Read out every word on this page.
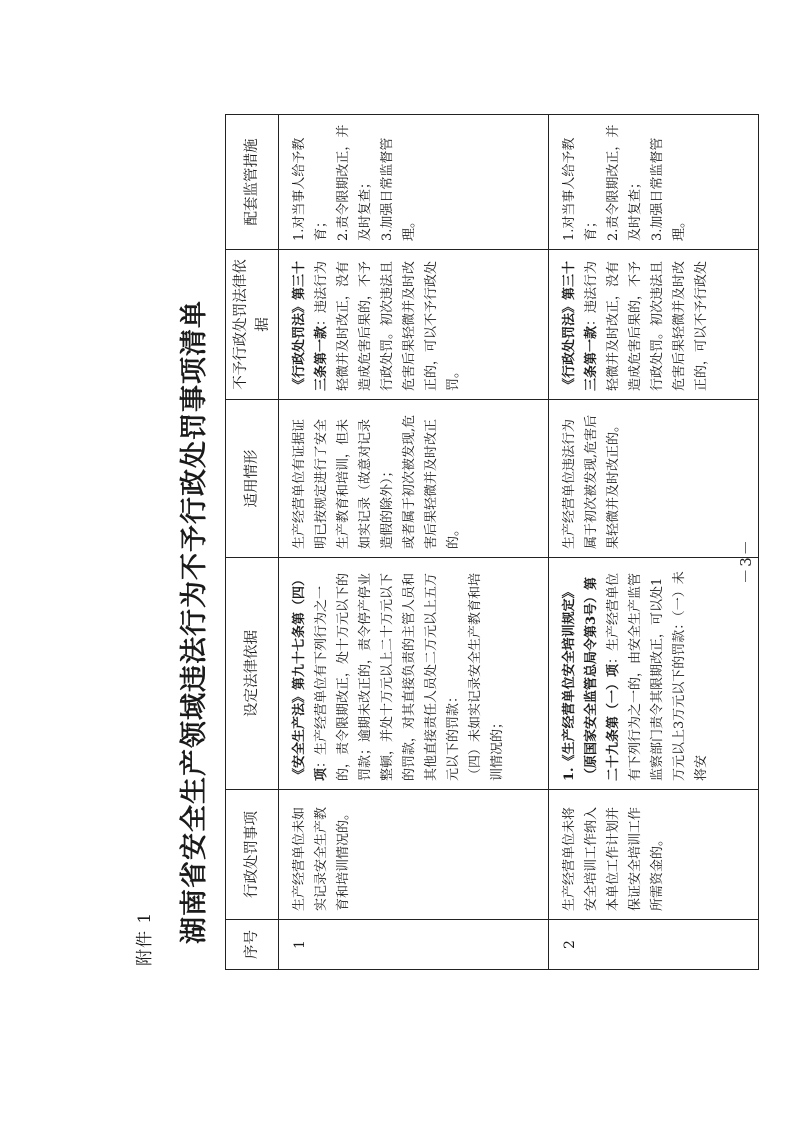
附件 1 湖南省安全生产领域违法行为不予行政处罚事项清单
序号	行政处罚事项	设定法律依据	适用情形	不予行政处罚法律依据	配套监管措施
1	生产经营单位未如实记录安全生产教育和培训情况的。	《安全生产法》第九十七条第（四）项：生产经营单位有下列行为之一的，责令限期改正，处十万元以下的罚款；逾期未改正的，责令停产停业整顿，并处十万元以上二十万元以下的罚款，对其直接负责的主管人员和其他直接责任人员处二万元以上五万元以下的罚款： （四）未如实记录安全生产教育和培训情况的；	生产经营单位有证据证明已按规定进行了安全生产教育和培训，但未如实记录（故意对记录造假的除外）； 或者属于初次被发现,危害后果轻微并及时改正的。	《行政处罚法》第三十三条第一款：违法行为轻微并及时改正，没有造成危害后果的，不予行政处罚。初次违法且危害后果轻微并及时改正的，可以不予行政处罚。	1.对当事人给予教育； 2.责令限期改正，并及时复查； 3.加强日常监督管理。

2	生产经营单位未将安全培训工作纳入本单位工作计划并保证安全培训工作所需资金的。	1.《生产经营单位安全培训规定》（原国家安全监管总局令第3号）第二十九条第（一）项：生产经营单位有下列行为之一的，由安全生产监管监察部门责令其限期改正，可以处1万元以上3万元以下的罚款：（一）未将安	生产经营单位违法行为属于初次被发现,危害后果轻微并及时改正的。	《行政处罚法》第三十三条第一款：违法行为轻微并及时改正，没有造成危害后果的，不予行政处罚。初次违法且危害后果轻微并及时改正的，可以不予行政处	1.对当事人给予教育； 2.责令限期改正，并及时复查； 3.加强日常监督管理。
－3－
